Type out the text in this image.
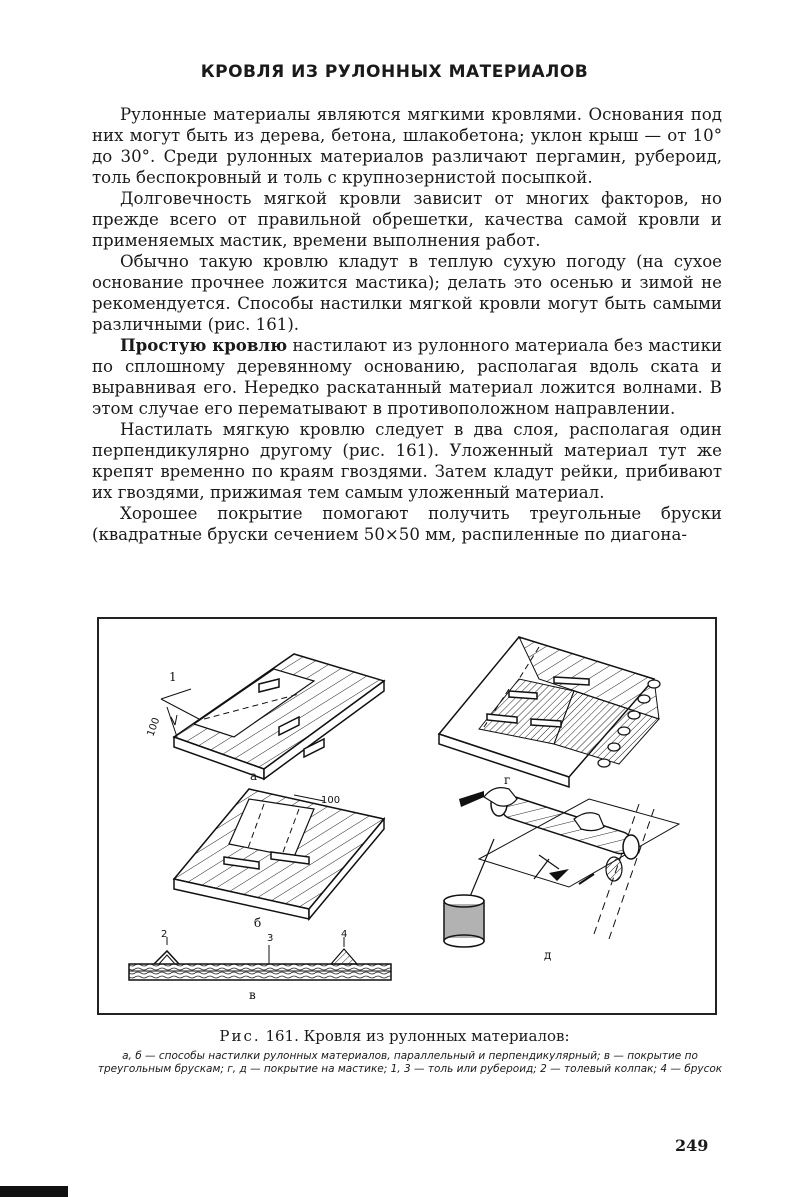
КРОВЛЯ ИЗ РУЛОННЫХ МАТЕРИАЛОВ

Рулонные материалы являются мягкими кровлями. Основания под них могут быть из дерева, бетона, шлакобетона; уклон крыш — от 10° до 30°. Среди рулонных материалов различают пергамин, рубероид, толь беспокровный и толь с крупнозернистой посыпкой.

Долговечность мягкой кровли зависит от многих факторов, но прежде всего от правильной обрешетки, качества самой кровли и применяемых мастик, времени выполнения работ.

Обычно такую кровлю кладут в теплую сухую погоду (на сухое основание прочнее ложится мастика); делать это осенью и зимой не рекомендуется. Способы настилки мягкой кровли могут быть самыми различными (рис. 161).

Простую кровлю настилают из рулонного материала без мастики по сплошному деревянному основанию, располагая вдоль ската и выравнивая его. Нередко раскатанный материал ложится волнами. В этом случае его перематывают в противоположном направлении.

Настилать мягкую кровлю следует в два слоя, располагая один перпендикулярно другому (рис. 161). Уложенный материал тут же крепят временно по краям гвоздями. Затем кладут рейки, прибивают их гвоздями, прижимая тем самым уложенный материал.

Хорошее покрытие помогают получить треугольные бруски (квадратные бруски сечением 50×50 мм, распиленные по диагона-

1
100
а
100
б
2	3	4
в
г
д
Рис. 161. Кровля из рулонных материалов:
а, б — способы настилки рулонных материалов, параллельный и перпендикулярный; в — покрытие по треугольным брускам; г, д — покрытие на мастике; 1, 3 — толь или рубероид; 2 — толевый колпак; 4 — брусок
249
